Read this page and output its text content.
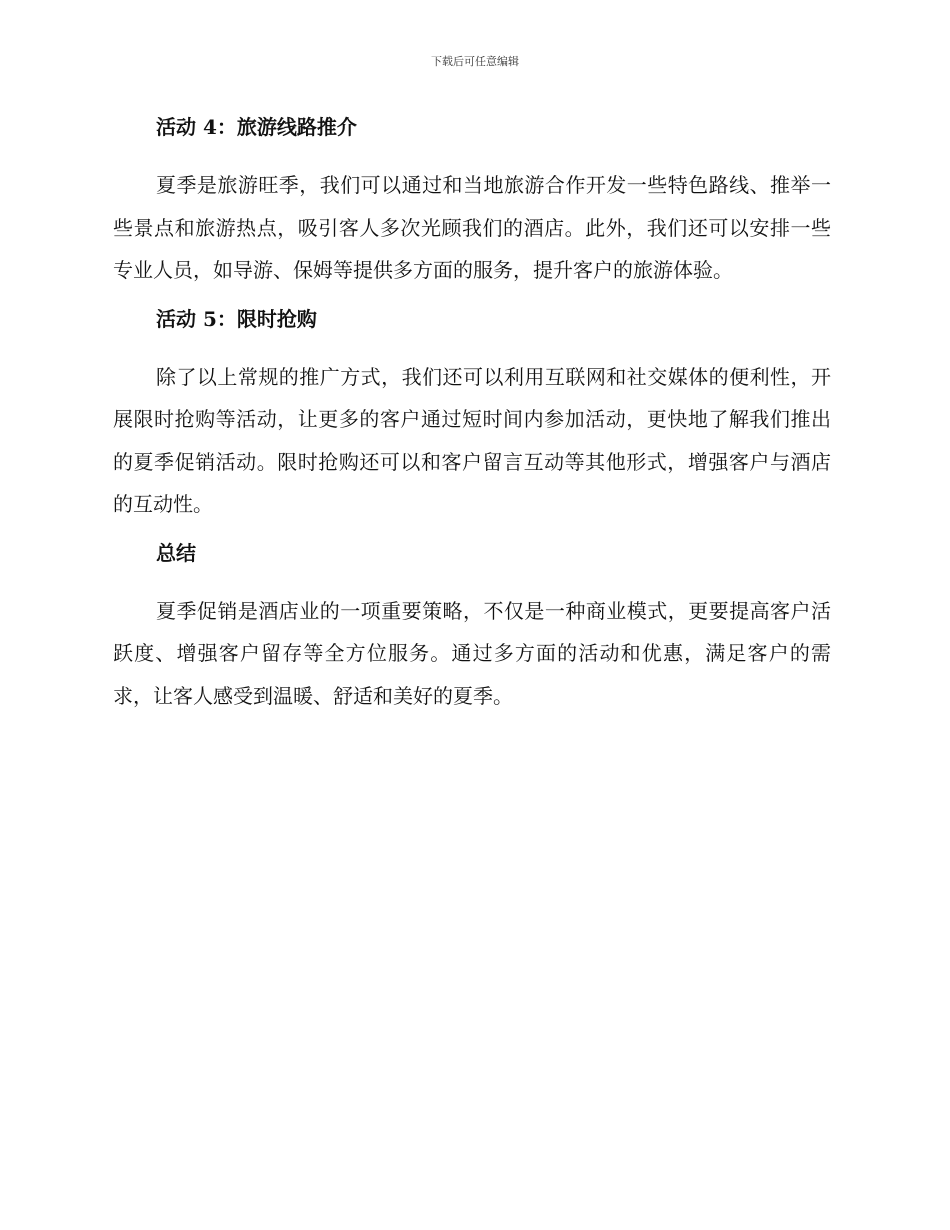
下载后可任意编辑
活动 4：旅游线路推介

夏季是旅游旺季，我们可以通过和当地旅游合作开发一些特色路线、推举一些景点和旅游热点，吸引客人多次光顾我们的酒店。此外，我们还可以安排一些专业人员，如导游、保姆等提供多方面的服务，提升客户的旅游体验。

活动 5：限时抢购

除了以上常规的推广方式，我们还可以利用互联网和社交媒体的便利性，开展限时抢购等活动，让更多的客户通过短时间内参加活动，更快地了解我们推出的夏季促销活动。限时抢购还可以和客户留言互动等其他形式，增强客户与酒店的互动性。

总结

夏季促销是酒店业的一项重要策略，不仅是一种商业模式，更要提高客户活跃度、增强客户留存等全方位服务。通过多方面的活动和优惠，满足客户的需求，让客人感受到温暖、舒适和美好的夏季。
